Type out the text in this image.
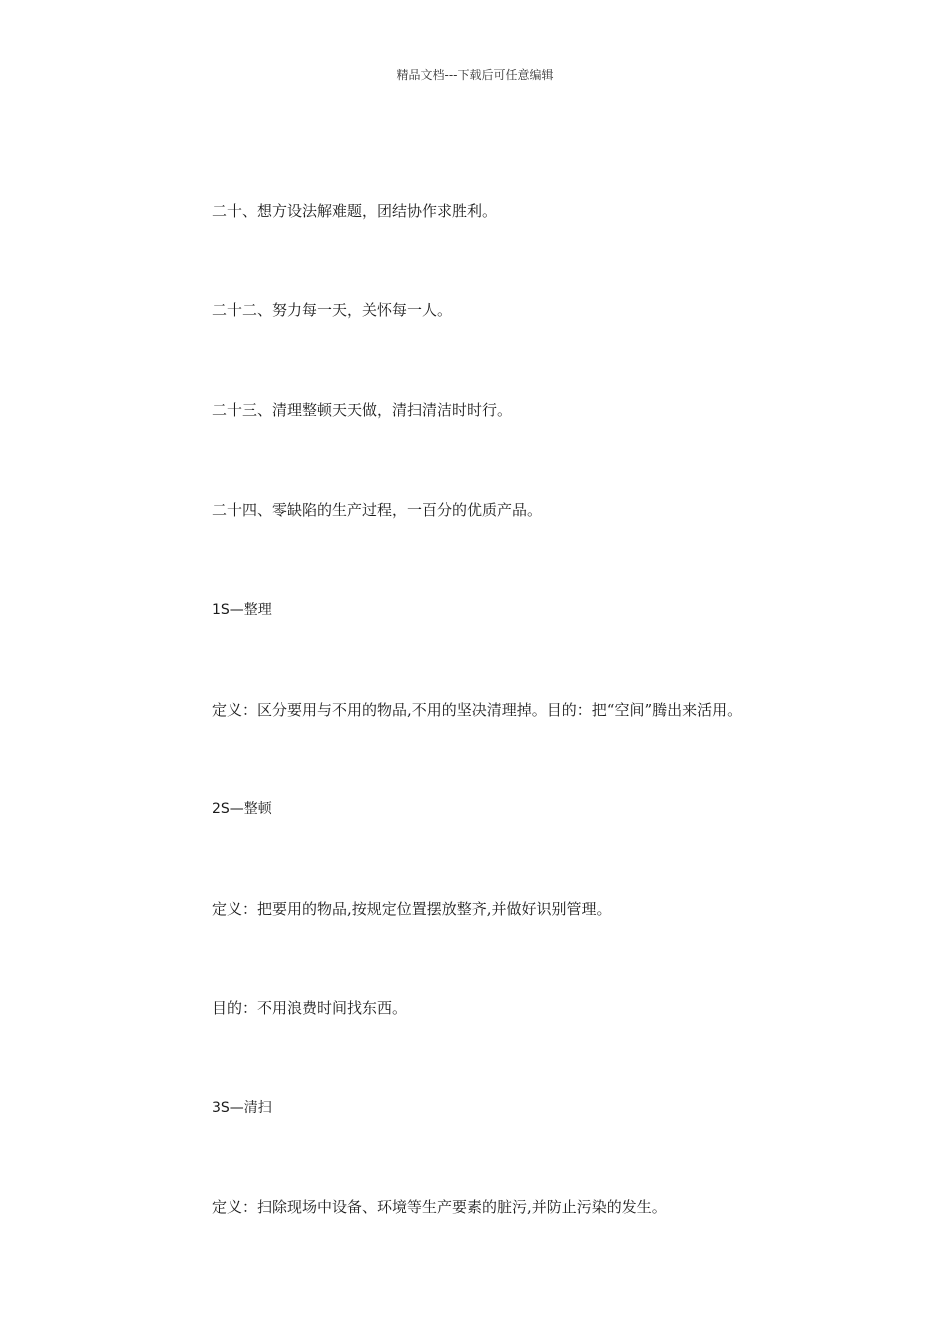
精品文档---下载后可任意编辑

二十、想方设法解难题，团结协作求胜利。

二十二、努力每一天，关怀每一人。

二十三、清理整顿天天做，清扫清洁时时行。

二十四、零缺陷的生产过程，一百分的优质产品。

1S—整理

定义：区分要用与不用的物品,不用的坚决清理掉。目的：把“空间”腾出来活用。

2S—整顿

定义：把要用的物品,按规定位置摆放整齐,并做好识别管理。

目的：不用浪费时间找东西。

3S—清扫

定义：扫除现场中设备、环境等生产要素的脏污,并防止污染的发生。
